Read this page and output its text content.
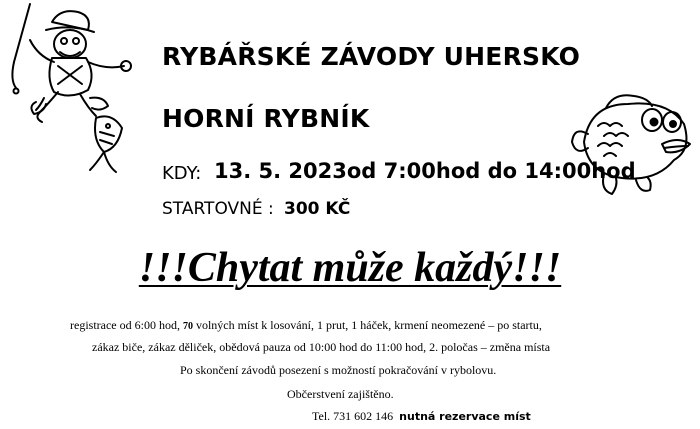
RYBÁŘSKÉ ZÁVODY UHERSKO
HORNÍ RYBNÍK
KDY: 13. 5. 2023od 7:00hod do 14:00hod
STARTOVNÉ : 300 KČ
!!!Chytat může každý!!!
registrace od 6:00 hod, 70 volných míst k losování, 1 prut, 1 háček, krmení neomezené – po startu,
zákaz biče, zákaz děliček, obědová pauza od 10:00 hod do 11:00 hod, 2. poločas – změna místa
Po skončení závodů posezení s možností pokračování v rybolovu.
Občerstvení zajištěno.
Tel. 731 602 146 nutná rezervace míst
